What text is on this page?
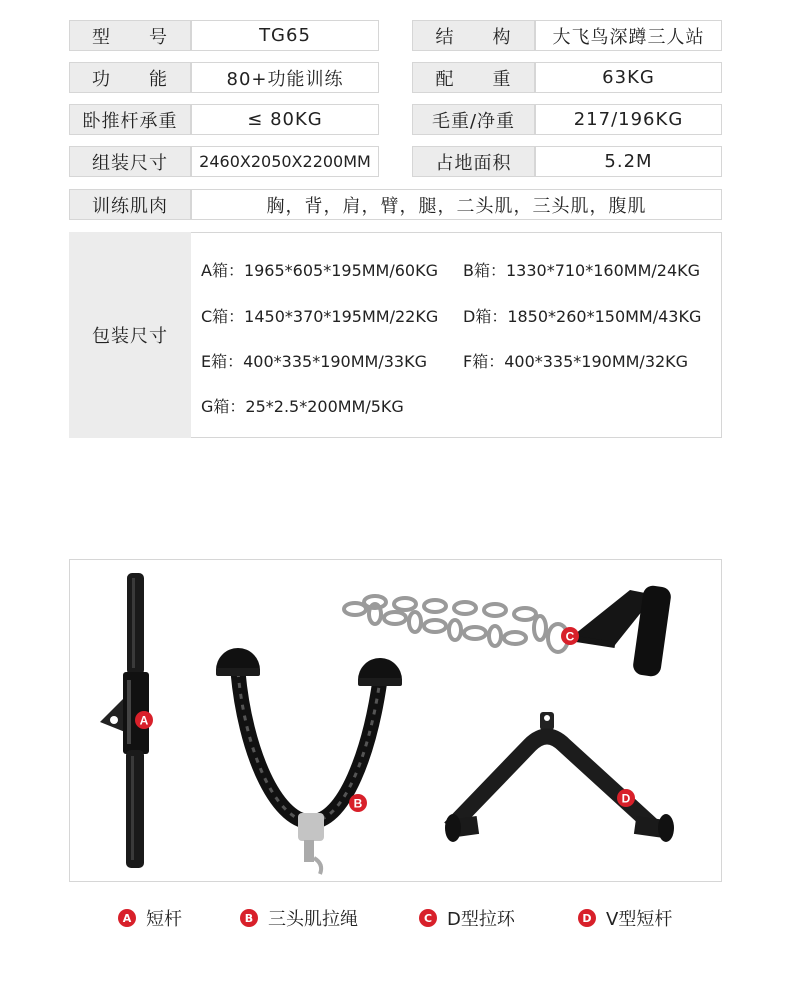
型　　号	TG65	结　　构	大飞鸟深蹲三人站
功　　能	80+功能训练	配　　重	63KG
卧推杆承重	≤ 80KG	毛重/净重	217/196KG
组装尺寸	2460X2050X2200MM	占地面积	5.2M
训练肌肉	胸，背，肩，臂，腿，二头肌，三头肌，腹肌
包装尺寸
A箱：1965*605*195MM/60KG B箱：1330*710*160MM/24KG
C箱：1450*370*195MM/22KG D箱：1850*260*150MM/43KG
E箱：400*335*190MM/33KG F箱：400*335*190MM/32KG
G箱：25*2.5*200MM/5KG
A
B
C
D
A 短杆	B 三头肌拉绳	C D型拉环	D V型短杆
